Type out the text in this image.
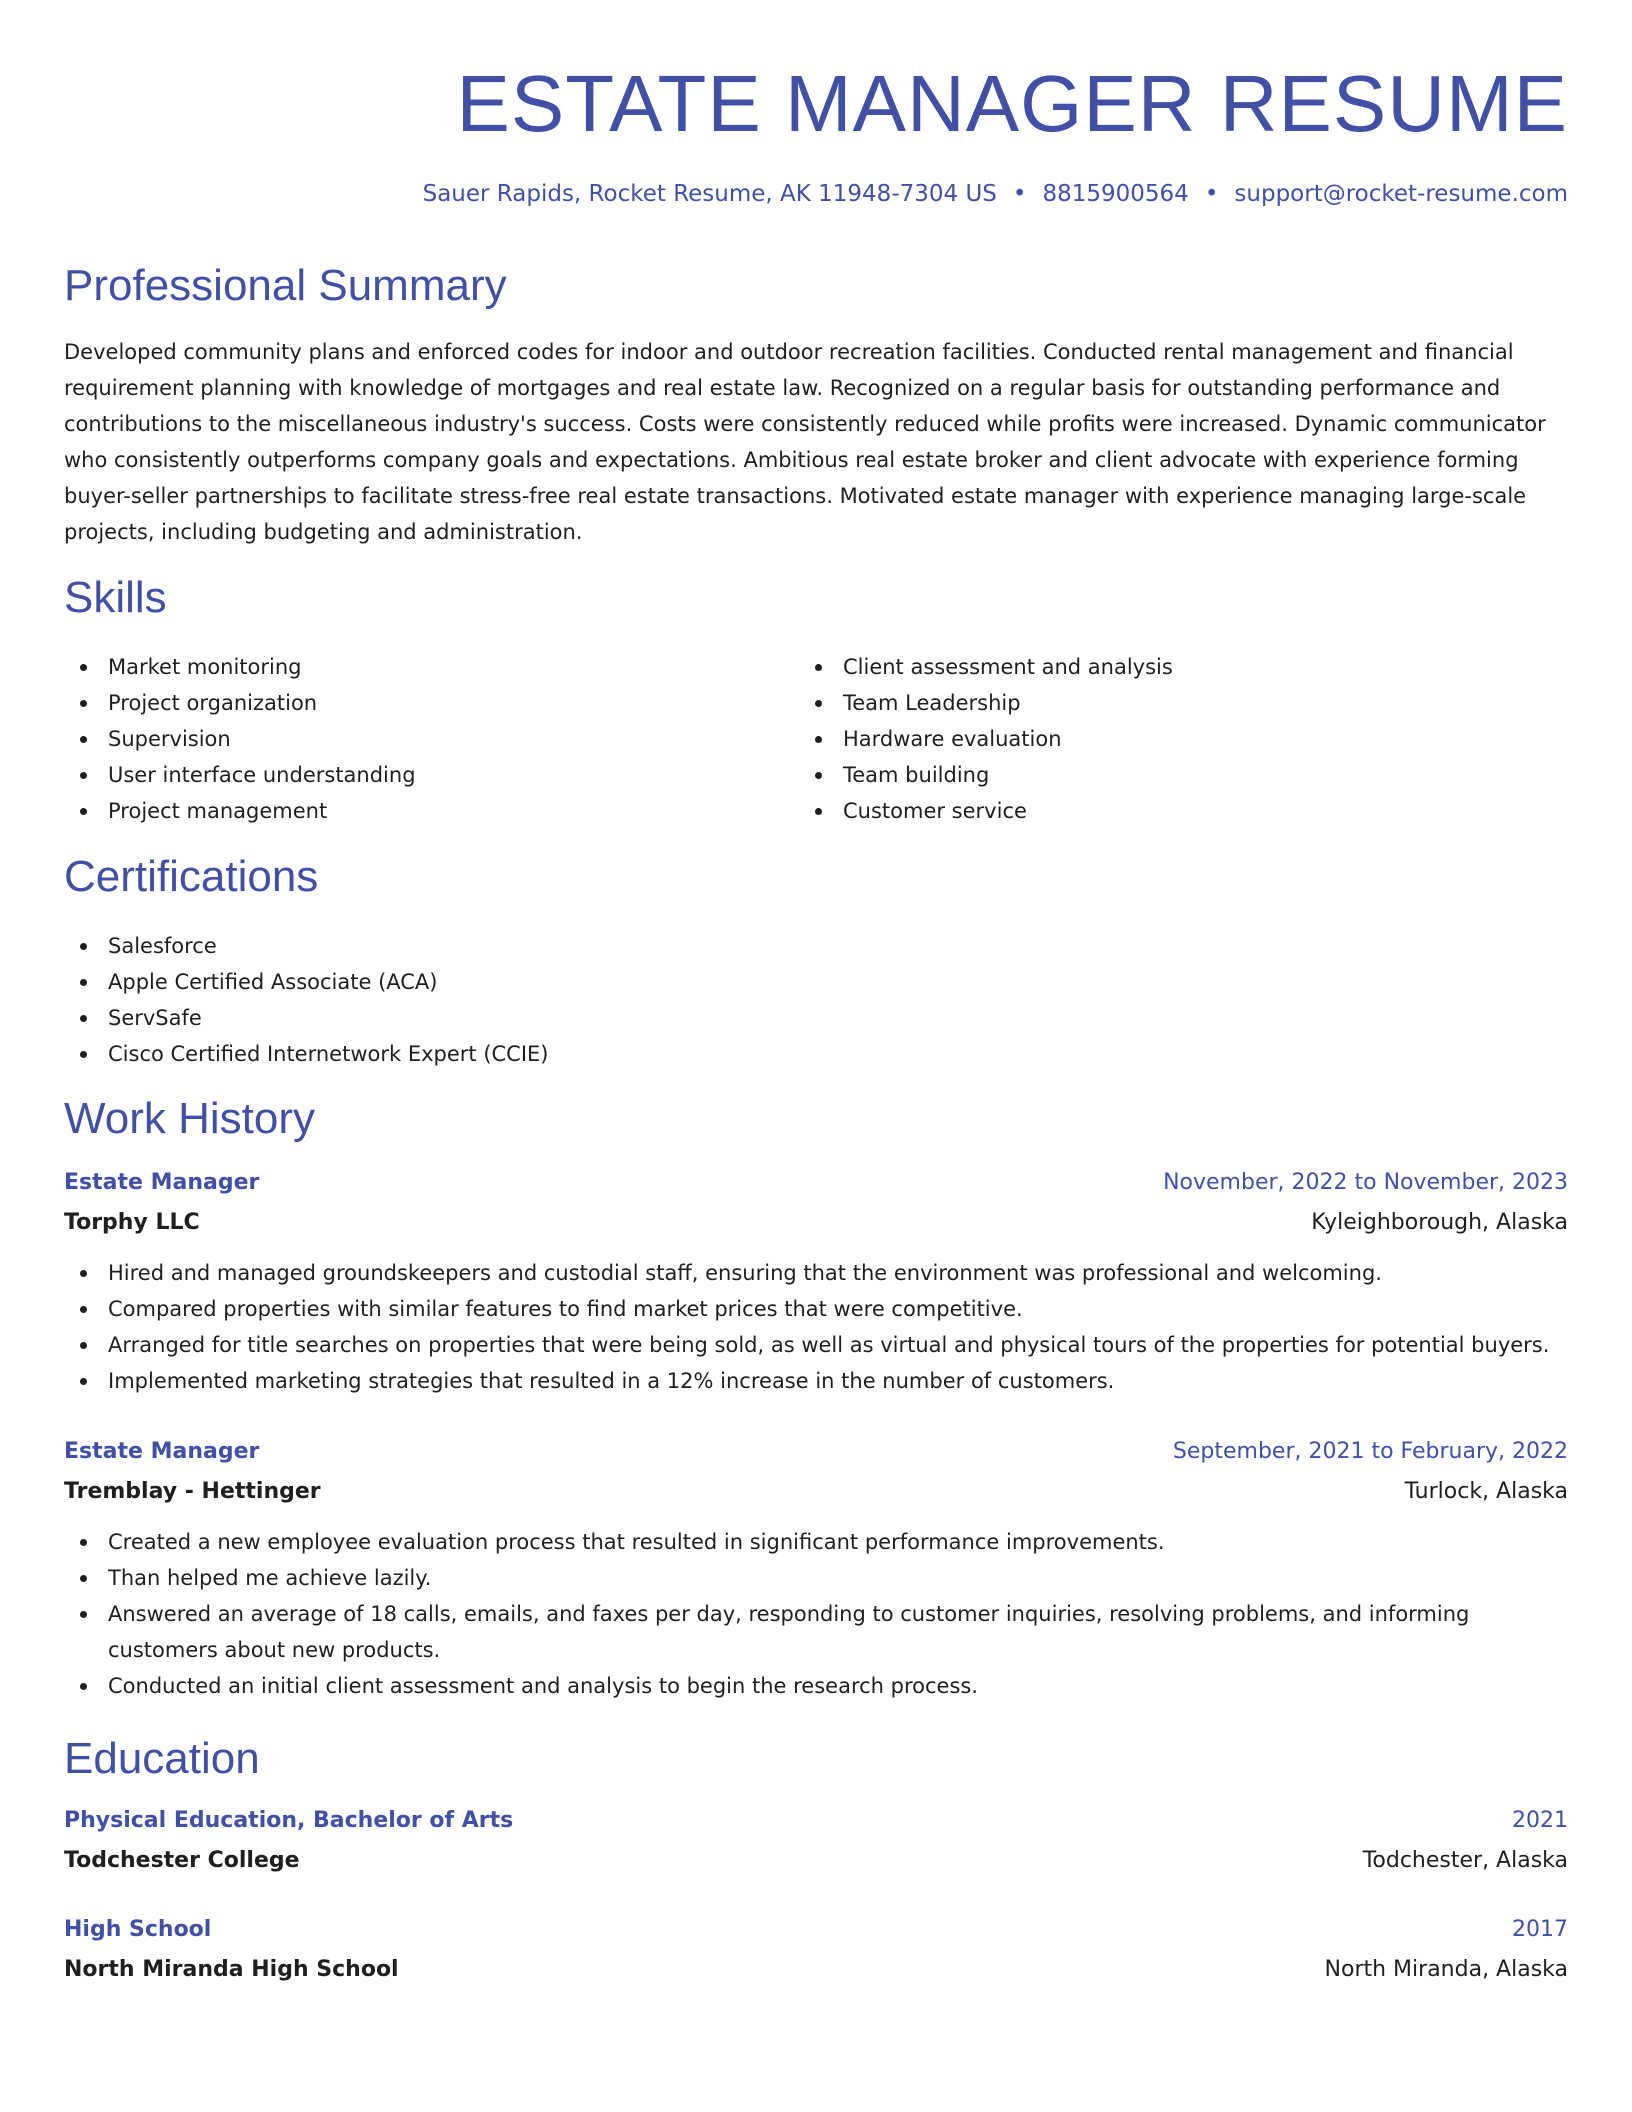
ESTATE MANAGER RESUME
Sauer Rapids, Rocket Resume, AK 11948-7304 US • 8815900564 • support@rocket-resume.com
Professional Summary

Developed community plans and enforced codes for indoor and outdoor recreation facilities. Conducted rental management and financial requirement planning with knowledge of mortgages and real estate law. Recognized on a regular basis for outstanding performance and contributions to the miscellaneous industry's success. Costs were consistently reduced while profits were increased. Dynamic communicator who consistently outperforms company goals and expectations. Ambitious real estate broker and client advocate with experience forming buyer-seller partnerships to facilitate stress-free real estate transactions. Motivated estate manager with experience managing large-scale projects, including budgeting and administration.

Skills
Market monitoring
Project organization
Supervision
User interface understanding
Project management
Client assessment and analysis
Team Leadership
Hardware evaluation
Team building
Customer service
Certifications
Salesforce
Apple Certified Associate (ACA)
ServSafe
Cisco Certified Internetwork Expert (CCIE)
Work History
Estate Manager	November, 2022 to November, 2023
Torphy LLC	Kyleighborough, Alaska
Hired and managed groundskeepers and custodial staff, ensuring that the environment was professional and welcoming.
Compared properties with similar features to find market prices that were competitive.
Arranged for title searches on properties that were being sold, as well as virtual and physical tours of the properties for potential buyers.
Implemented marketing strategies that resulted in a 12% increase in the number of customers.
Estate Manager	September, 2021 to February, 2022
Tremblay - Hettinger	Turlock, Alaska
Created a new employee evaluation process that resulted in significant performance improvements.
Than helped me achieve lazily.
Answered an average of 18 calls, emails, and faxes per day, responding to customer inquiries, resolving problems, and informing customers about new products.
Conducted an initial client assessment and analysis to begin the research process.
Education
Physical Education, Bachelor of Arts	2021
Todchester College	Todchester, Alaska
High School	2017
North Miranda High School	North Miranda, Alaska
